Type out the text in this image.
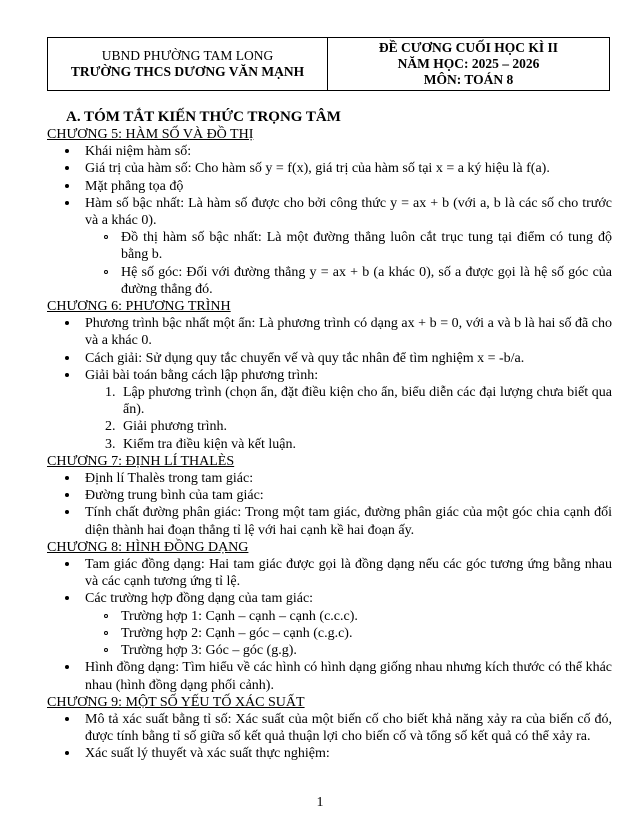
UBND PHƯỜNG TAM LONG
TRƯỜNG THCS DƯƠNG VĂN MẠNH

ĐỀ CƯƠNG CUỐI HỌC KÌ II
NĂM HỌC: 2025 – 2026
MÔN: TOÁN 8
A. TÓM TẮT KIẾN THỨC TRỌNG TÂM
CHƯƠNG 5: HÀM SỐ VÀ ĐỒ THỊ
Khái niệm hàm số:
Giá trị của hàm số: Cho hàm số y = f(x), giá trị của hàm số tại x = a ký hiệu là f(a).
Mặt phẳng tọa độ
Hàm số bậc nhất: Là hàm số được cho bởi công thức y = ax + b (với a, b là các số cho trước và a khác 0).
Đồ thị hàm số bậc nhất: Là một đường thẳng luôn cắt trục tung tại điểm có tung độ bằng b.
Hệ số góc: Đối với đường thẳng y = ax + b (a khác 0), số a được gọi là hệ số góc của đường thẳng đó.
CHƯƠNG 6: PHƯƠNG TRÌNH
Phương trình bậc nhất một ẩn: Là phương trình có dạng ax + b = 0, với a và b là hai số đã cho và a khác 0.
Cách giải: Sử dụng quy tắc chuyển vế và quy tắc nhân để tìm nghiệm x = -b/a.
Giải bài toán bằng cách lập phương trình:
1. Lập phương trình (chọn ẩn, đặt điều kiện cho ẩn, biểu diễn các đại lượng chưa biết qua ẩn).
2. Giải phương trình.
3. Kiểm tra điều kiện và kết luận.
CHƯƠNG 7: ĐỊNH LÍ THALÈS
Định lí Thalès trong tam giác:
Đường trung bình của tam giác:
Tính chất đường phân giác: Trong một tam giác, đường phân giác của một góc chia cạnh đối diện thành hai đoạn thẳng tỉ lệ với hai cạnh kề hai đoạn ấy.
CHƯƠNG 8: HÌNH ĐỒNG DẠNG
Tam giác đồng dạng: Hai tam giác được gọi là đồng dạng nếu các góc tương ứng bằng nhau và các cạnh tương ứng tỉ lệ.
Các trường hợp đồng dạng của tam giác:
Trường hợp 1: Cạnh – cạnh – cạnh (c.c.c).
Trường hợp 2: Cạnh – góc – cạnh (c.g.c).
Trường hợp 3: Góc – góc (g.g).
Hình đồng dạng: Tìm hiểu về các hình có hình dạng giống nhau nhưng kích thước có thể khác nhau (hình đồng dạng phối cảnh).
CHƯƠNG 9: MỘT SỐ YẾU TỐ XÁC SUẤT
Mô tả xác suất bằng tỉ số: Xác suất của một biến cố cho biết khả năng xảy ra của biến cố đó, được tính bằng tỉ số giữa số kết quả thuận lợi cho biến cố và tổng số kết quả có thể xảy ra.
Xác suất lý thuyết và xác suất thực nghiệm:
1
